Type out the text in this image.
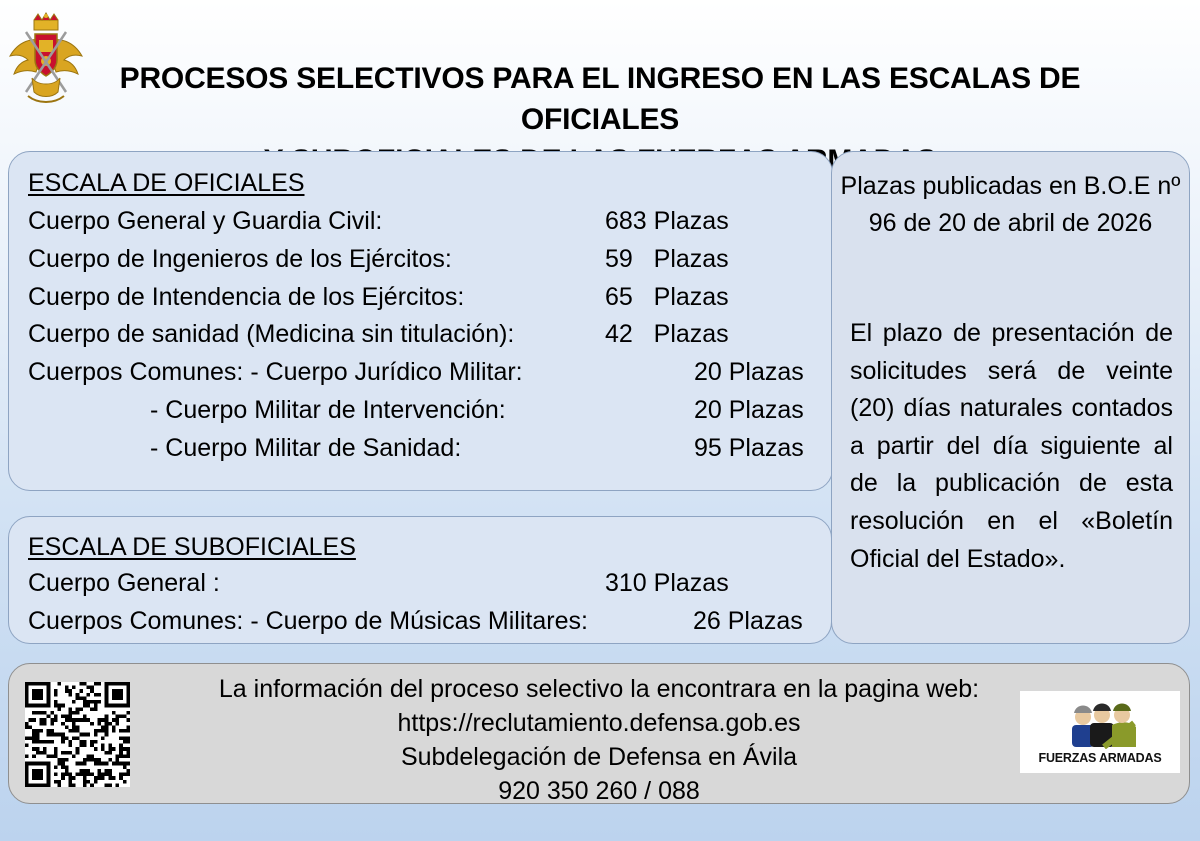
PROCESOS SELECTIVOS PARA EL INGRESO EN LAS ESCALAS DE OFICIALES
ESCALA DE OFICIALES
Cuerpo General y Guardia Civil:	683 Plazas
Cuerpo de Ingenieros de los Ejércitos:	59   Plazas
Cuerpo de Intendencia de los Ejércitos:	65   Plazas
Cuerpo de sanidad (Medicina sin titulación):	42   Plazas
Cuerpos Comunes: - Cuerpo Jurídico Militar:	20 Plazas
- Cuerpo Militar de Intervención:	20 Plazas
- Cuerpo Militar de Sanidad:	95 Plazas
ESCALA DE SUBOFICIALES
Cuerpo General :	310 Plazas
Cuerpos Comunes: - Cuerpo de Músicas Militares:	26 Plazas
Plazas publicadas en B.O.E nº 96 de 20 de abril de 2026
El plazo de presentación de solicitudes será de veinte (20) días naturales contados a partir del día siguiente al de la publicación de esta resolución en el «Boletín Oficial del Estado».
La información del proceso selectivo la encontrara en la pagina web:
https://reclutamiento.defensa.gob.es
Subdelegación de Defensa en Ávila
920 350 260 / 088
FUERZAS ARMADAS
